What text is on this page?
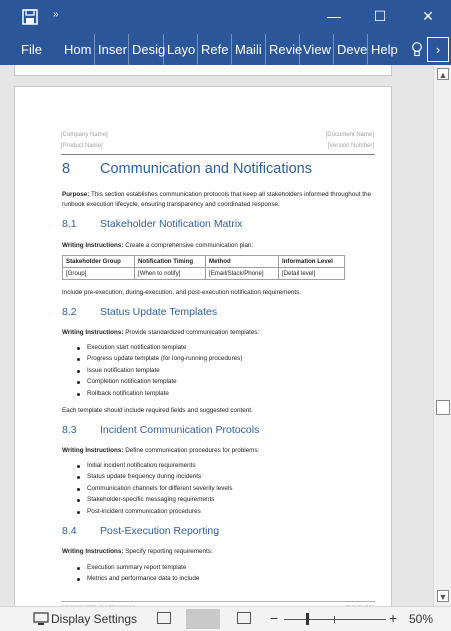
»	—	☐	✕
File Hom Inser Desig Layo Refe Maili Revie View Deve Help	›
[Company Name]
[Product Name]
[Document Name]
[Version Number]
8 Communication and Notifications
Purpose: This section establishes communication protocols that keep all stakeholders informed throughout the runbook execution lifecycle, ensuring transparency and coordinated response.
8.1 Stakeholder Notification Matrix
Writing Instructions: Create a comprehensive communication plan:
Stakeholder Group	Notification Timing	Method	Information Level
[Group]	[When to notify]	[Email/Slack/Phone]	[Detail level]
Include pre-execution, during-execution, and post-execution notification requirements.
8.2 Status Update Templates
Writing Instructions: Provide standardized communication templates:
Execution start notification template
Progress update template (for long-running procedures)
Issue notification template
Completion notification template
Rollback notification template
Each template should include required fields and suggested content.
8.3 Incident Communication Protocols
Writing Instructions: Define communication procedures for problems:
Initial incident notification requirements
Status update frequency during incidents
Communication channels for different severity levels
Stakeholder-specific messaging requirements
Post-incident communication procedures
8.4 Post-Execution Reporting
Writing Instructions: Specify reporting requirements:
Execution summary report template
Metrics and performance data to include
▲
▼
Display Settings	−	+ 50%
